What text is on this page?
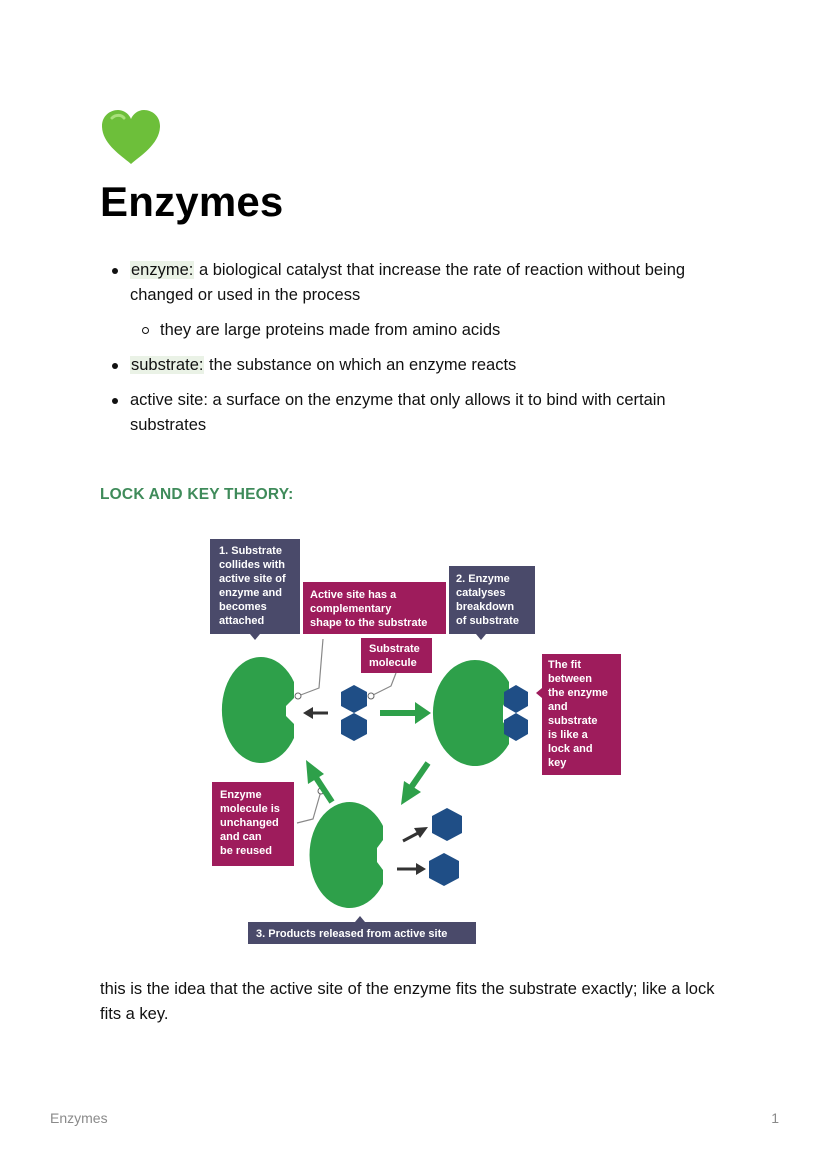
Enzymes
enzyme: a biological catalyst that increase the rate of reaction without being changed or used in the process
they are large proteins made from amino acids
substrate: the substance on which an enzyme reacts
active site: a surface on the enzyme that only allows it to bind with certain substrates
LOCK AND KEY THEORY:
1. Substrate
collides with
active site of
enzyme and
becomes
attached
Active site has a
complementary
shape to the substrate
2. Enzyme
catalyses
breakdown
of substrate
Substrate
molecule	The fit
between
the enzyme
and
substrate
is like a
lock and
key
Enzyme
molecule is
unchanged
and can
be reused
3. Products released from active site

this is the idea that the active site of the enzyme fits the substrate exactly; like a lock fits a key.

Enzymes	1
